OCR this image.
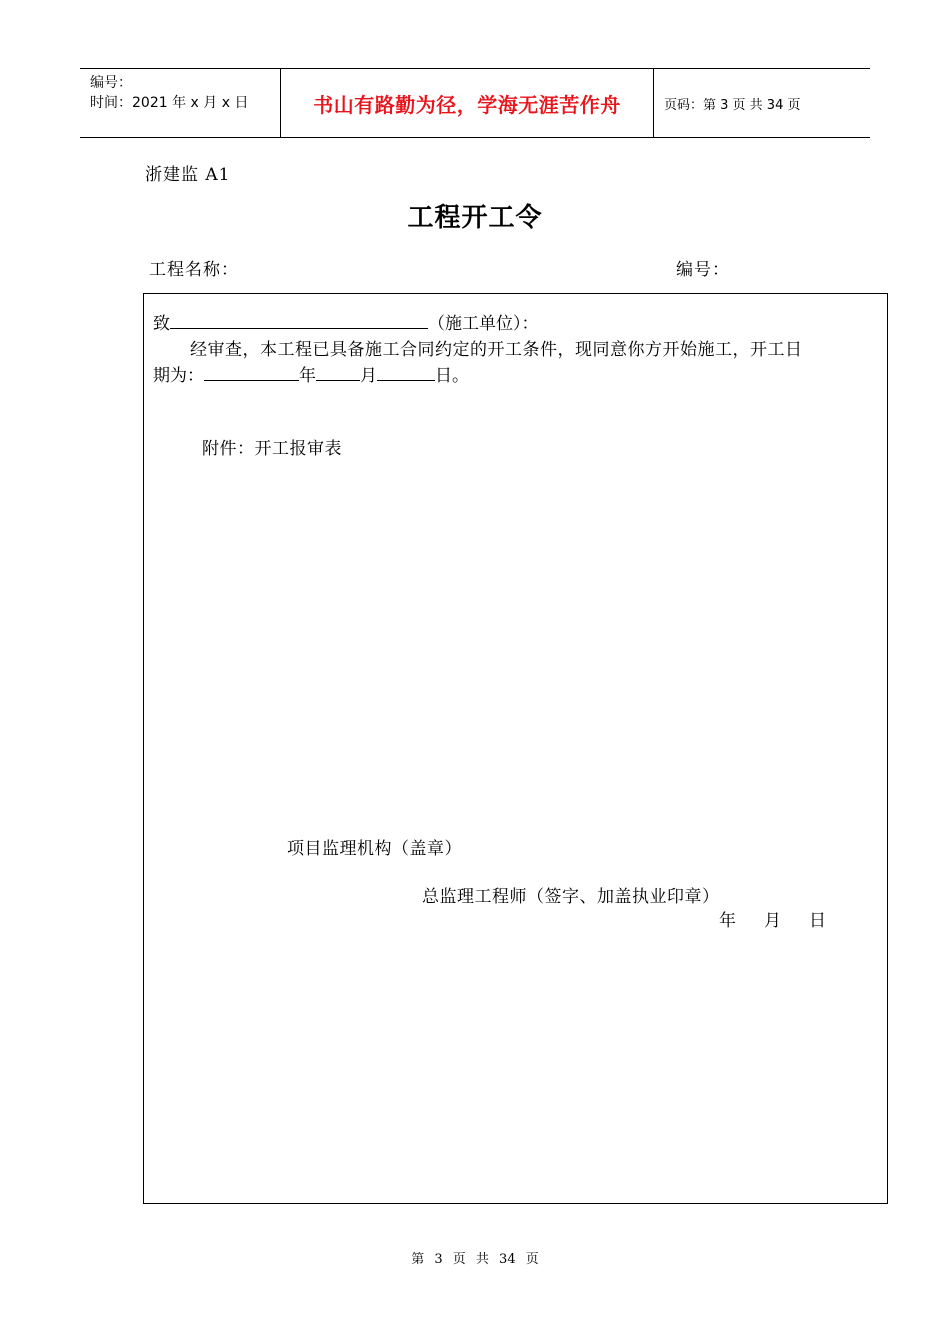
编号：
时间：2021 年 x 月 x 日	书山有路勤为径，学海无涯苦作舟	页码：第 3 页 共 34 页
浙建监 A1
工程开工令
工程名称：	编号：
致	（施工单位）：
经审查，本工程已具备施工合同约定的开工条件，现同意你方开始施工，开工日
期为：	年	月	日。
附件：开工报审表
项目监理机构（盖章）
总监理工程师（签字、加盖执业印章）
年 月 日
第 3 页 共 34 页
